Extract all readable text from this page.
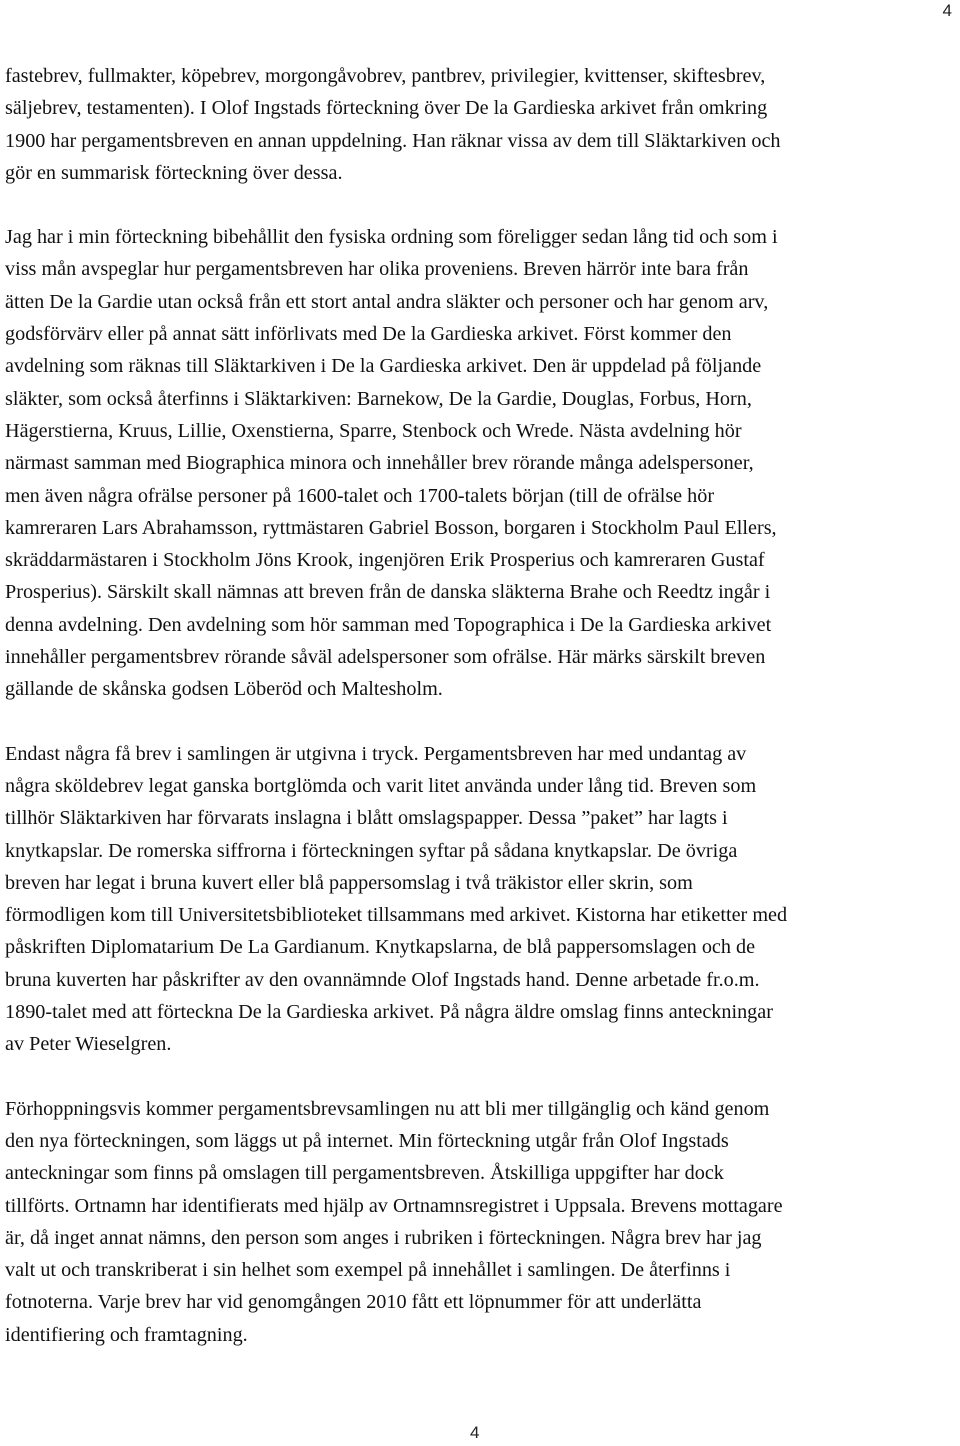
4

fastebrev, fullmakter, köpebrev, morgongåvobrev, pantbrev, privilegier, kvittenser, skiftesbrev,
säljebrev, testamenten). I Olof Ingstads förteckning över De la Gardieska arkivet från omkring
1900 har pergamentsbreven en annan uppdelning. Han räknar vissa av dem till Släktarkiven och
gör en summarisk förteckning över dessa.

Jag har i min förteckning bibehållit den fysiska ordning som föreligger sedan lång tid och som i
viss mån avspeglar hur pergamentsbreven har olika proveniens. Breven härrör inte bara från
ätten De la Gardie utan också från ett stort antal andra släkter och personer och har genom arv,
godsförvärv eller på annat sätt införlivats med De la Gardieska arkivet. Först kommer den
avdelning som räknas till Släktarkiven i De la Gardieska arkivet. Den är uppdelad på följande
släkter, som också återfinns i Släktarkiven: Barnekow, De la Gardie, Douglas, Forbus, Horn,
Hägerstierna, Kruus, Lillie, Oxenstierna, Sparre, Stenbock och Wrede. Nästa avdelning hör
närmast samman med Biographica minora och innehåller brev rörande många adelspersoner,
men även några ofrälse personer på 1600-talet och 1700-talets början (till de ofrälse hör
kamreraren Lars Abrahamsson, ryttmästaren Gabriel Bosson, borgaren i Stockholm Paul Ellers,
skräddarmästaren i Stockholm Jöns Krook, ingenjören Erik Prosperius och kamreraren Gustaf
Prosperius). Särskilt skall nämnas att breven från de danska släkterna Brahe och Reedtz ingår i
denna avdelning. Den avdelning som hör samman med Topographica i De la Gardieska arkivet
innehåller pergamentsbrev rörande såväl adelspersoner som ofrälse. Här märks särskilt breven
gällande de skånska godsen Löberöd och Maltesholm.

Endast några få brev i samlingen är utgivna i tryck. Pergamentsbreven har med undantag av
några sköldebrev legat ganska bortglömda och varit litet använda under lång tid. Breven som
tillhör Släktarkiven har förvarats inslagna i blått omslagspapper. Dessa ”paket” har lagts i
knytkapslar. De romerska siffrorna i förteckningen syftar på sådana knytkapslar. De övriga
breven har legat i bruna kuvert eller blå pappersomslag i två träkistor eller skrin, som
förmodligen kom till Universitetsbiblioteket tillsammans med arkivet. Kistorna har etiketter med
påskriften Diplomatarium De La Gardianum. Knytkapslarna, de blå pappersomslagen och de
bruna kuverten har påskrifter av den ovannämnde Olof Ingstads hand. Denne arbetade fr.o.m.
1890-talet med att förteckna De la Gardieska arkivet. På några äldre omslag finns anteckningar
av Peter Wieselgren.

Förhoppningsvis kommer pergamentsbrevsamlingen nu att bli mer tillgänglig och känd genom
den nya förteckningen, som läggs ut på internet. Min förteckning utgår från Olof Ingstads
anteckningar som finns på omslagen till pergamentsbreven. Åtskilliga uppgifter har dock
tillförts. Ortnamn har identifierats med hjälp av Ortnamnsregistret i Uppsala. Brevens mottagare
är, då inget annat nämns, den person som anges i rubriken i förteckningen. Några brev har jag
valt ut och transkriberat i sin helhet som exempel på innehållet i samlingen. De återfinns i
fotnoterna. Varje brev har vid genomgången 2010 fått ett löpnummer för att underlätta
identifiering och framtagning.

4
